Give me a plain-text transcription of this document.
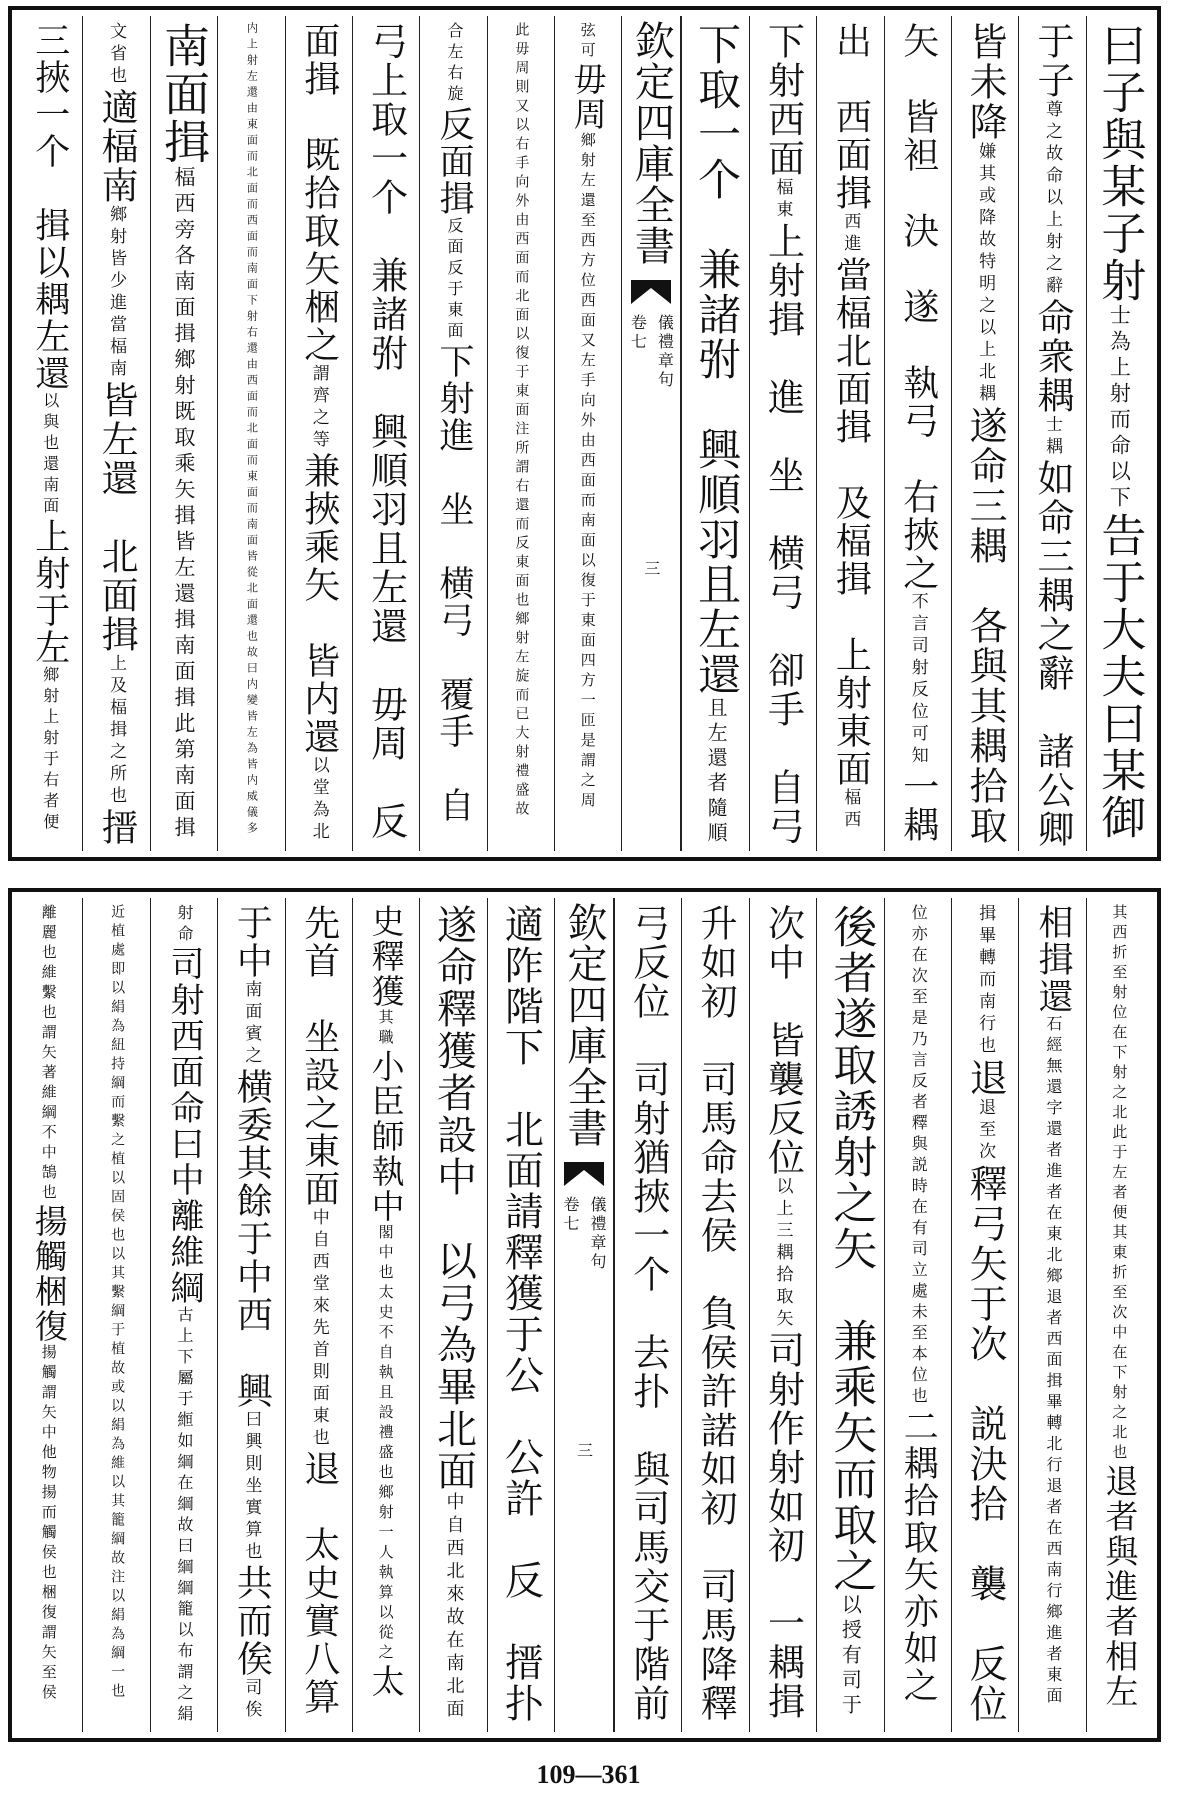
曰子與某子射士為上射而命以下告于大夫曰某御
于子尊之故命以上射之辭命衆耦士耦如命三耦之辭　諸公卿
皆未降嫌其或降故特明之以上北耦遂命三耦　各與其耦拾取
矢　皆袒　決　遂　執弓　右挾之不言司射反位可知一耦
出　西面揖西進當楅北面揖　及楅揖　上射東面楅西
下射西面楅東上射揖　進　坐　横弓　卻手　自弓
下取一个　兼諸弣　興順羽且左還且左還者隨順
欽定四庫全書
儀禮章句
卷七
三
弦可毋周鄉射左還至西方位西面又左手向外由西面而南面以復于東面四方一匝是謂之周
此毋周則又以右手向外由西面而北面以復于東面注所謂右還而反東面也鄉射左旋而已大射禮盛故
合左右旋反面揖反面反于東面下射進　坐　横弓　覆手　自
弓上取一个　兼諸弣　興順羽且左還　毋周　反
面揖　既拾取矢梱之謂齊之等兼挾乘矢　皆内還以堂為北
内上射左還由東面而北面而西面而南面下射右還由西面而北面而東面而南面皆從北面還也故曰内變皆左為皆内威儀多
南面揖楅西旁各南面揖鄉射既取乘矢揖皆左還揖南面揖此第南面揖
文省也適楅南鄉射皆少進當楅南皆左還　北面揖上及楅揖之所也搢
三挾一个　揖以耦左還以與也還南面上射于左鄉射上射于右者便
其西折至射位在下射之北此于左者便其東折至次中在下射之北也退者與進者相左
相揖還石經無還字還者進者在東北鄉退者西面揖畢轉北行退者在西南行鄉進者東面
揖畢轉而南行也退退至次釋弓矢于次　説決拾　襲　反位
位亦在次至是乃言反者釋與説時在有司立處未至本位也二耦拾取矢亦如之
後者遂取誘射之矢　兼乘矢而取之以授有司于
次中　皆襲反位以上三耦拾取矢司射作射如初　一耦揖
升如初　司馬命去侯　負侯許諾如初　司馬降釋
弓反位　司射猶挾一个　去扑　與司馬交于階前
欽定四庫全書
儀禮章句
卷七
三
適阼階下　北面請釋獲于公　公許　反　搢扑
遂命釋獲者設中　以弓為畢北面中自西北來故在南北面
史釋獲其職小臣師執中閣中也太史不自執且設禮盛也鄉射一人執算以從之太
先首　坐設之東面中自西堂來先首則面東也退　太史實八算
于中南面賓之横委其餘于中西　興曰興則坐實算也共而俟司俟
射命司射西面命曰中離維綱古上下屬于縆如綱在綱故曰綱綱籠以布謂之絹
近植處即以絹為紐持綱而繫之植以固侯也以其繫綱于植故或以絹為維以其籠綱故注以絹為綱一也
離麗也維繫也謂矢著維綱不中鵠也揚觸梱復揚觸謂矢中他物揚而觸侯也梱復謂矢至侯
109—361
